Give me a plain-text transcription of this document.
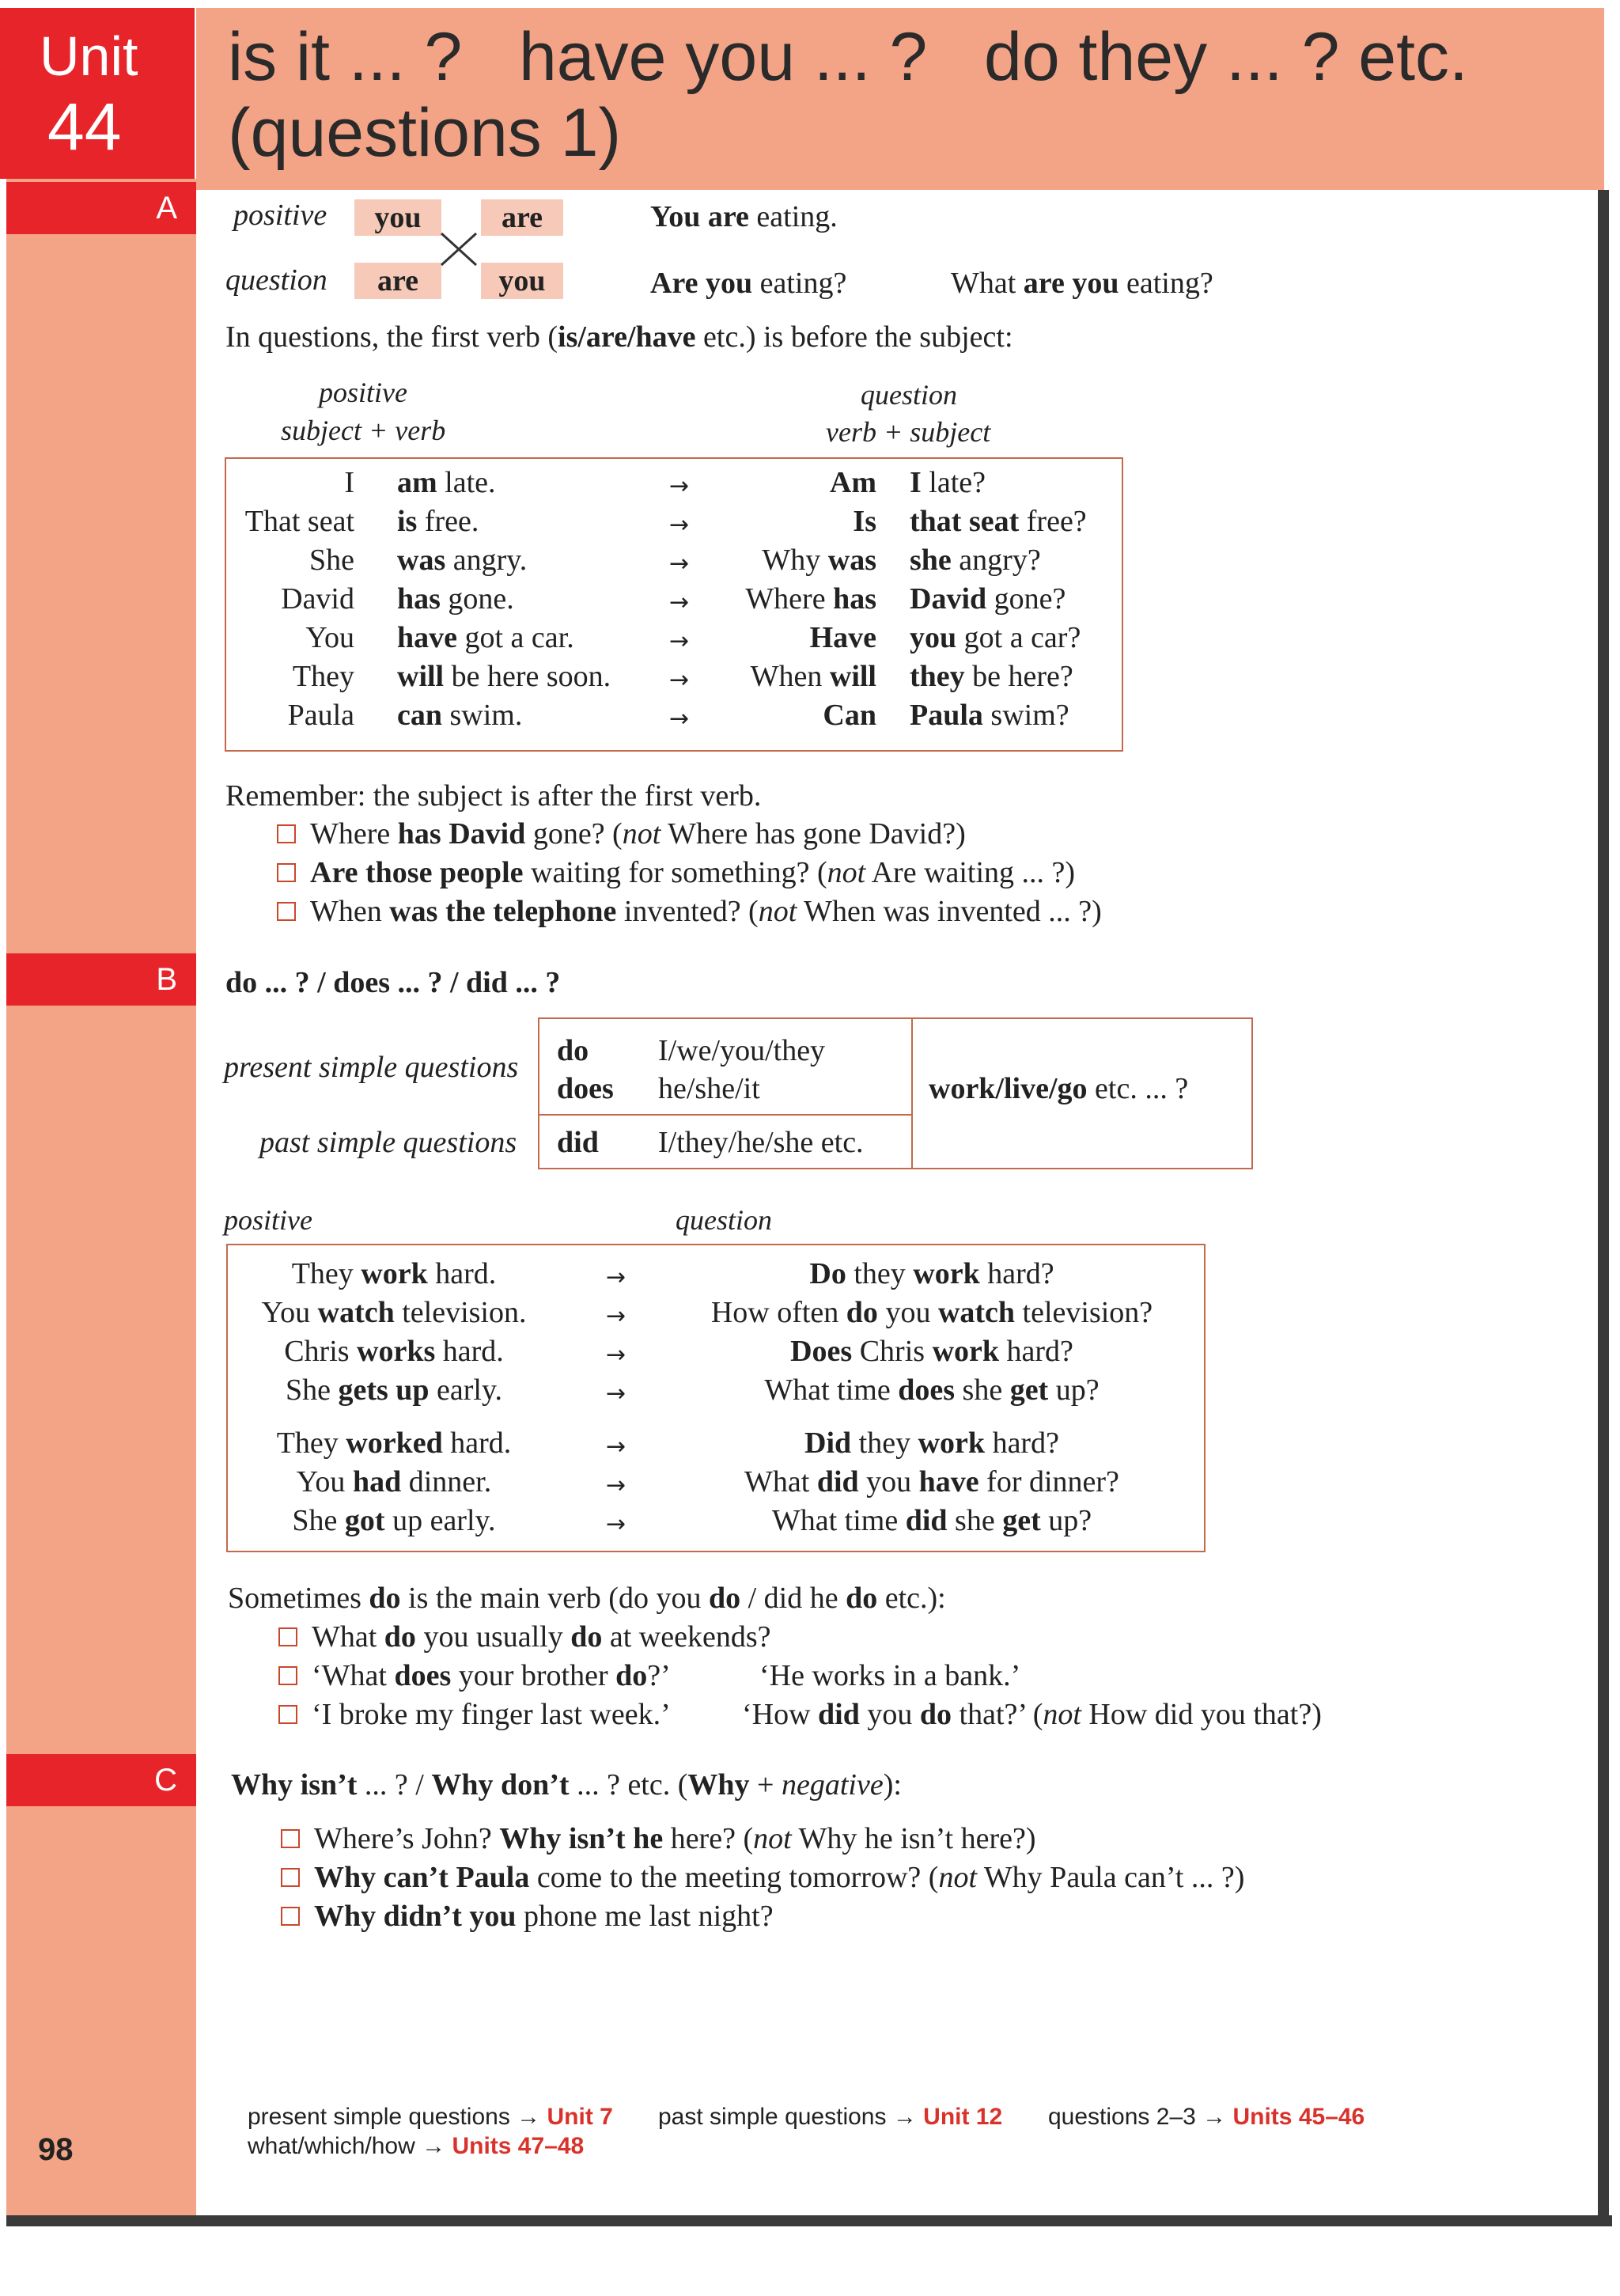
Unit
44
is it ... ?   have you ... ?   do they ... ? etc.
(questions 1)
A
B
C
positive
question
you	are
are	you
You are eating.
Are you eating?	What are you eating?
In questions, the first verb (is/are/have etc.) is before the subject:
positive
subject + verb
question
verb + subject
I am late.	→	Am I late?
That seat is free.	→	Is that seat free?
She was angry.	→ Why was she angry?
David has gone.	→ Where has David gone?
You have got a car.	→	Have you got a car?
They will be here soon. → When will they be here?
Paula can swim.	→	Can Paula swim?
Remember: the subject is after the first verb.
Where has David gone? (not Where has gone David?)
Are those people waiting for something? (not Are waiting ... ?)
When was the telephone invented? (not When was invented ... ?)
do ... ? / does ... ? / did ... ?
present simple questions
past simple questions
do I/we/you/they
does he/she/it
did I/they/he/she etc.
work/live/go etc. ... ?
positive	question
They work hard.	→	Do they work hard?
You watch television.	→	How often do you watch television?
Chris works hard.	→	Does Chris work hard?
She gets up early.	→	What time does she get up?
They worked hard.	→	Did they work hard?
You had dinner.	→	What did you have for dinner?
She got up early.	→	What time did she get up?
Sometimes do is the main verb (do you do / did he do etc.):
What do you usually do at weekends?
‘What does your brother do?’	‘He works in a bank.’
‘I broke my finger last week.’ ‘How did you do that?’ (not How did you that?)
Why isn’t ... ? / Why don’t ... ? etc. (Why + negative):
Where’s John? Why isn’t he here? (not Why he isn’t here?)
Why can’t Paula come to the meeting tomorrow? (not Why Paula can’t ... ?)
Why didn’t you phone me last night?
98
present simple questions → Unit 7 past simple questions → Unit 12 questions 2–3 → Units 45–46
what/which/how → Units 47–48
